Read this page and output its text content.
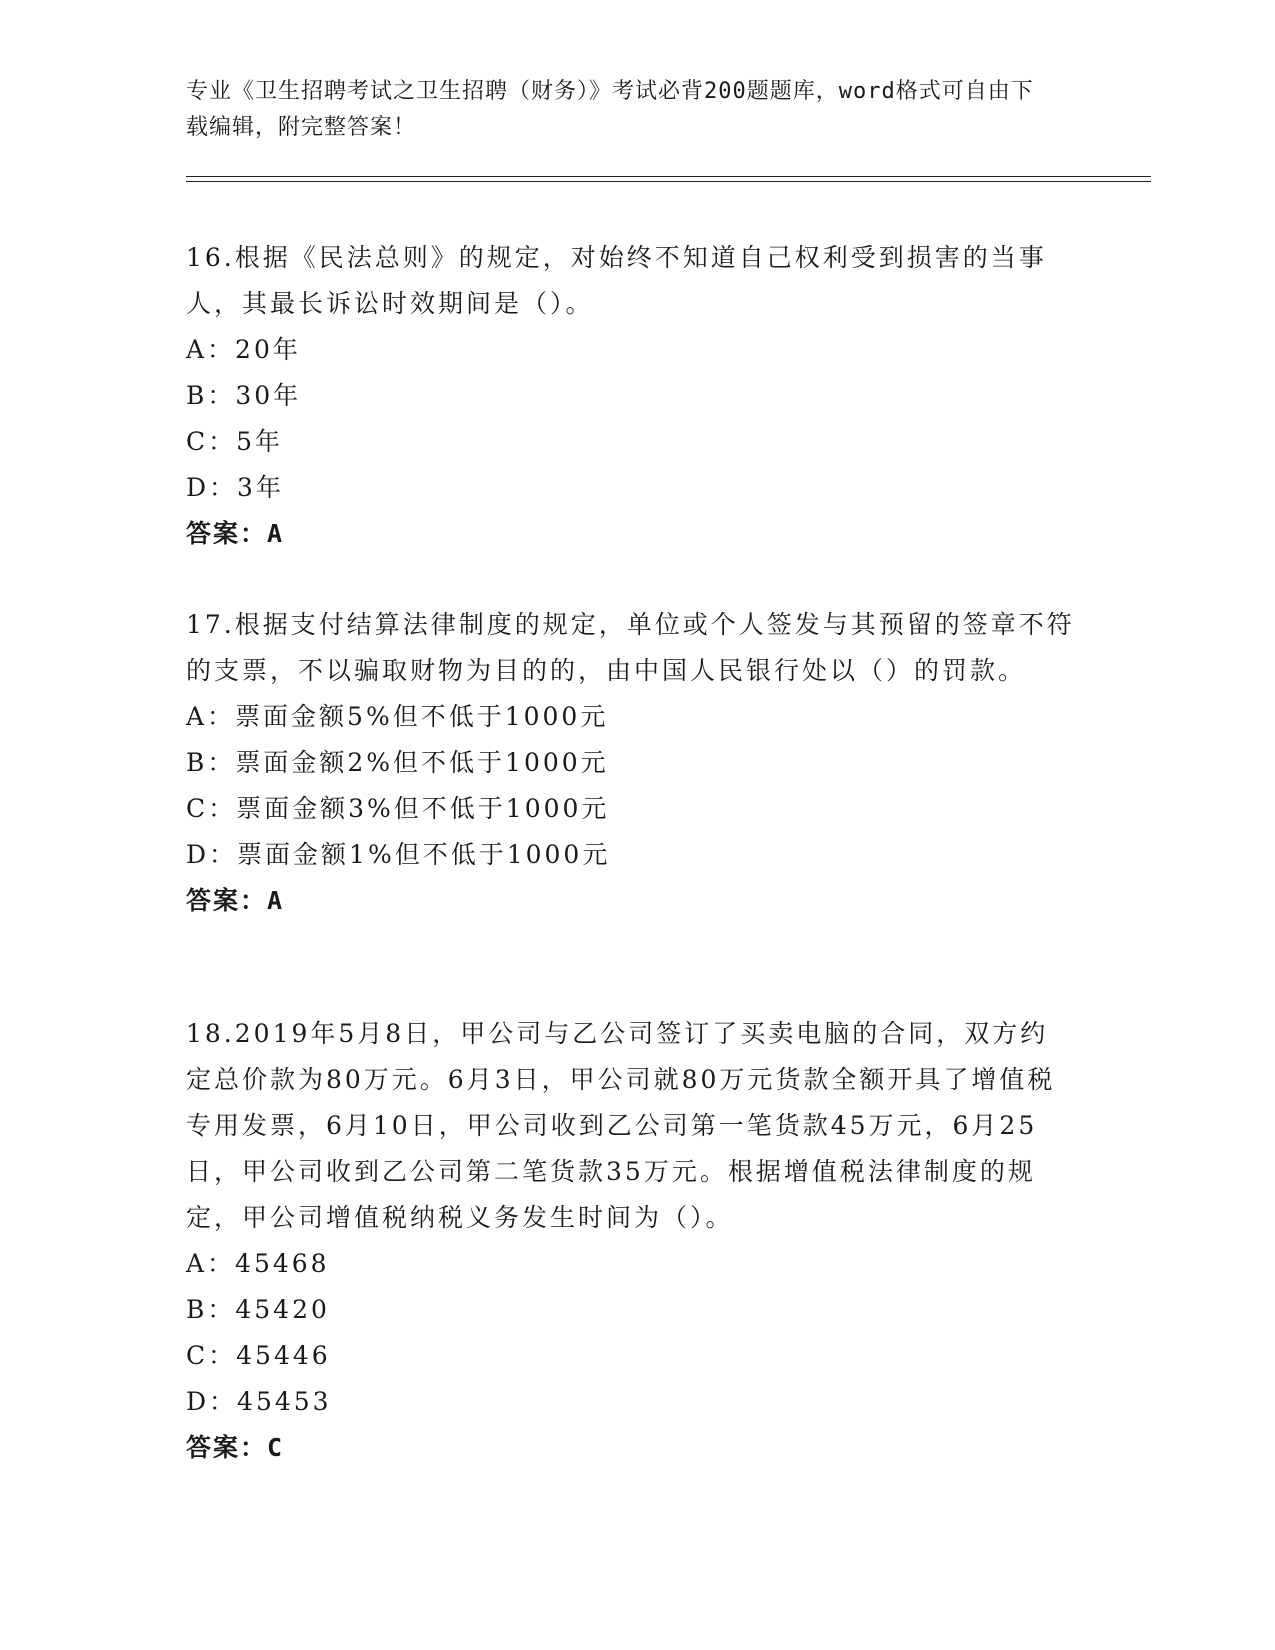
专业《卫生招聘考试之卫生招聘（财务）》考试必背200题题库，word格式可自由下载编辑，附完整答案！

16.根据《民法总则》的规定，对始终不知道自己权利受到损害的当事人，其最长诉讼时效期间是（）。

A：20年
B：30年
C：5年
D：3年
答案：A

17.根据支付结算法律制度的规定，单位或个人签发与其预留的签章不符的支票，不以骗取财物为目的的，由中国人民银行处以（）的罚款。

A：票面金额5%但不低于1000元
B：票面金额2%但不低于1000元
C：票面金额3%但不低于1000元
D：票面金额1%但不低于1000元
答案：A

18.2019年5月8日，甲公司与乙公司签订了买卖电脑的合同，双方约定总价款为80万元。6月3日，甲公司就80万元货款全额开具了增值税专用发票，6月10日，甲公司收到乙公司第一笔货款45万元，6月25日，甲公司收到乙公司第二笔货款35万元。根据增值税法律制度的规定，甲公司增值税纳税义务发生时间为（）。

A：45468
B：45420
C：45446
D：45453
答案：C
